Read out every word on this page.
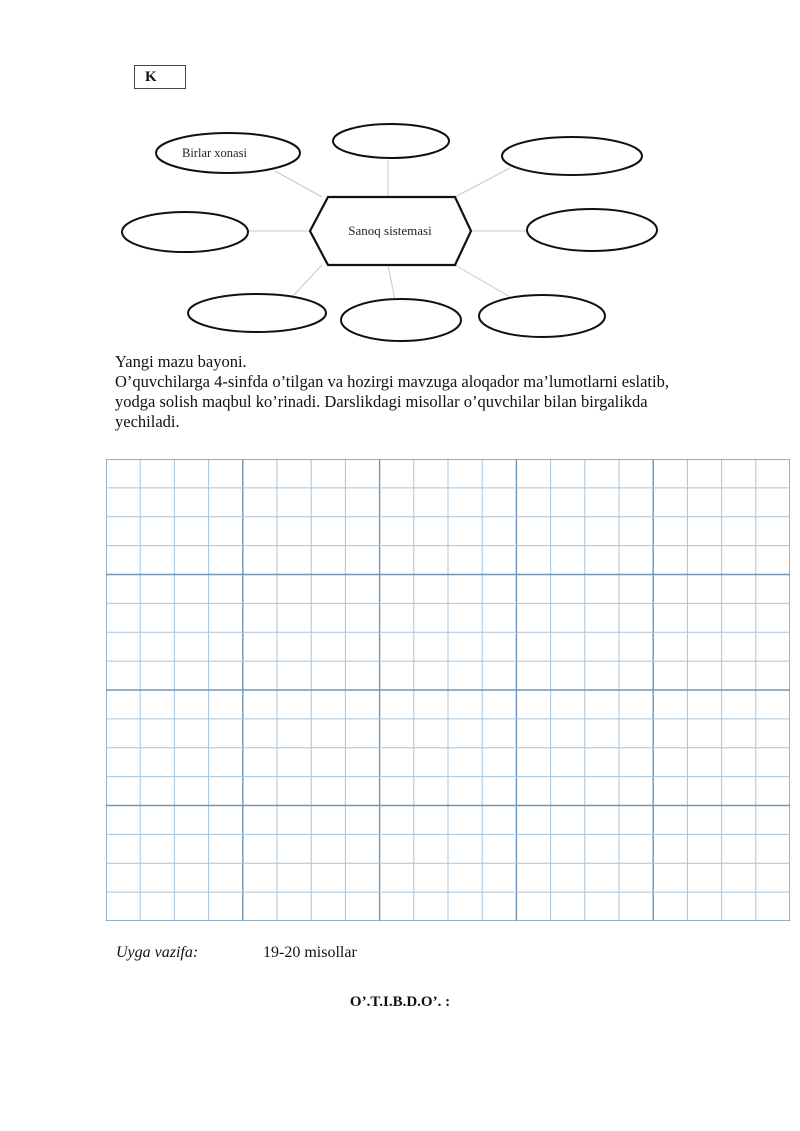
K
Birlar xonasi
Sanoq sistemasi
Yangi mazu bayoni.
O’quvchilarga 4-sinfda o’tilgan va hozirgi mavzuga aloqador ma’lumotlarni eslatib,
yodga solish maqbul ko’rinadi. Darslikdagi misollar o’quvchilar bilan birgalikda
yechiladi.
Uyga vazifa:	19-20 misollar
O’.T.I.B.D.O’. :
